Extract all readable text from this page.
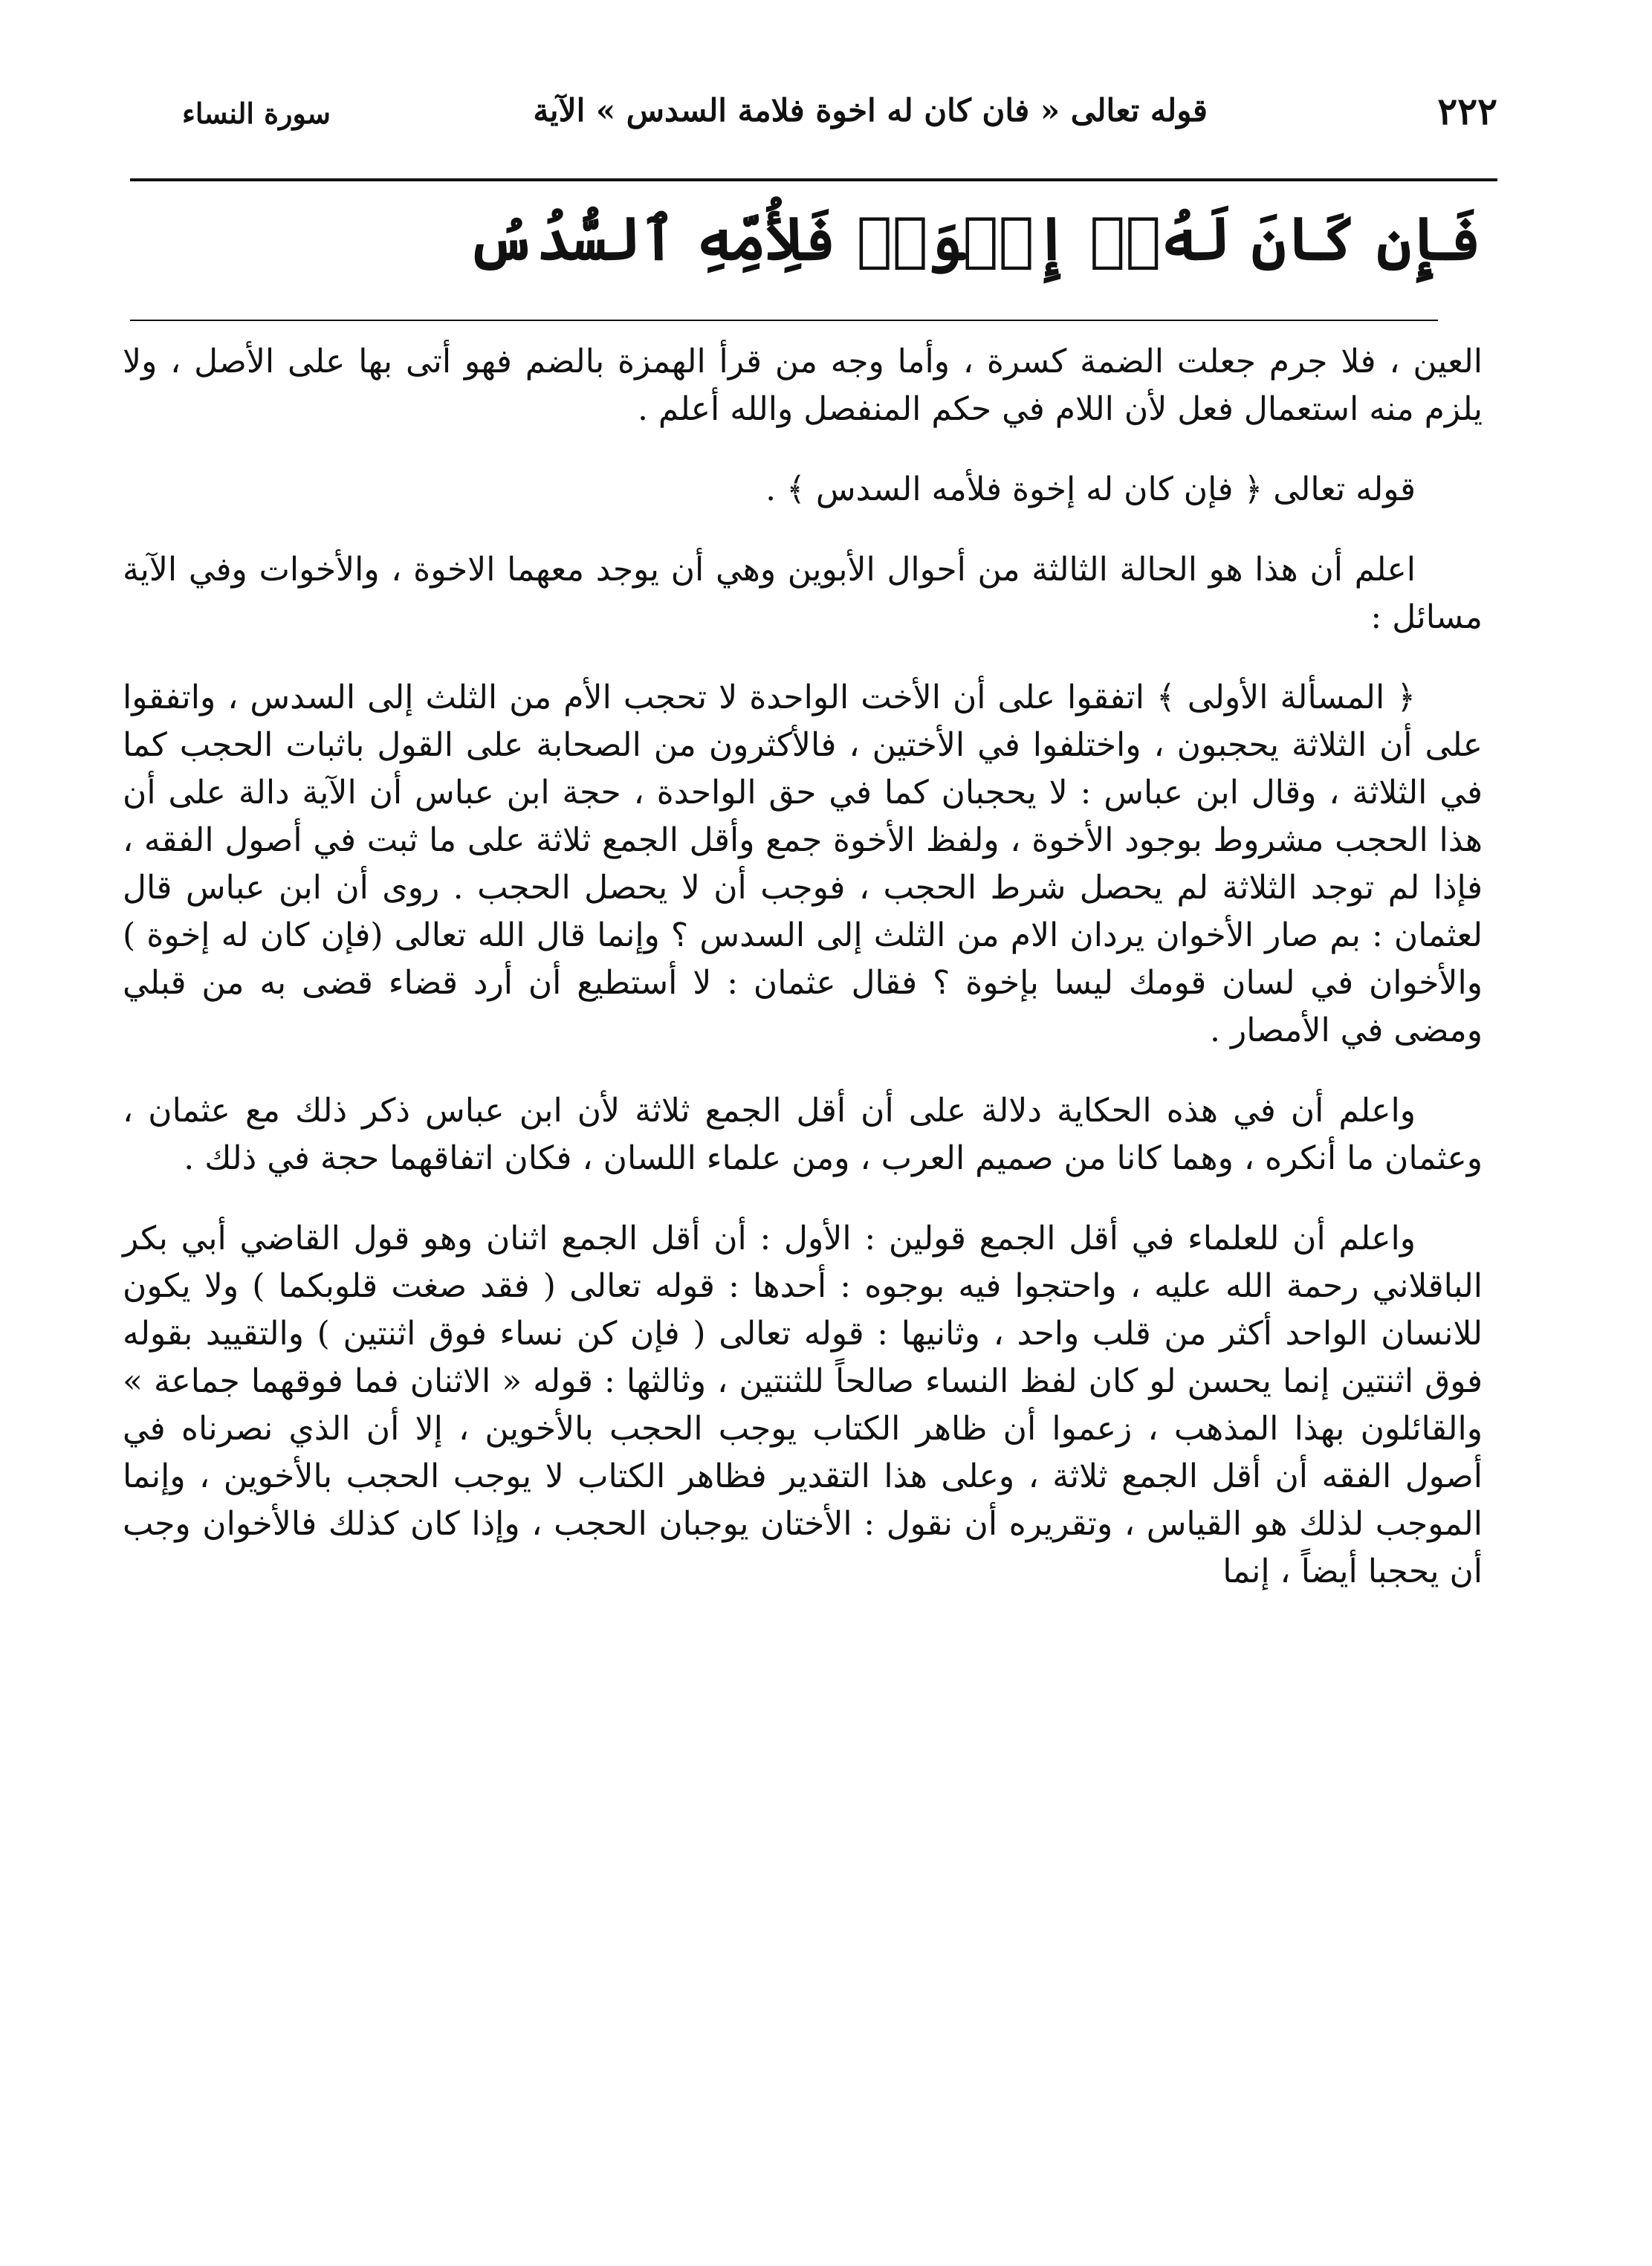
٢٢٢
قوله تعالى « فان كان له اخوة فلامة السدس » الآية
سورة النساء
فَإِن كَانَ لَهُۥٓ إِخۡوَةٞ فَلِأُمِّهِ ٱلسُّدُسُ

العين ، فلا جرم جعلت الضمة كسرة ، وأما وجه من قرأ الهمزة بالضم فهو أتى بها على الأصل ، ولا يلزم منه استعمال فعل لأن اللام في حكم المنفصل والله أعلم .

قوله تعالى ﴿ فإن كان له إخوة فلأمه السدس ﴾ .

اعلم أن هذا هو الحالة الثالثة من أحوال الأبوين وهي أن يوجد معهما الاخوة ، والأخوات وفي الآية مسائل :

﴿ المسألة الأولى ﴾ اتفقوا على أن الأخت الواحدة لا تحجب الأم من الثلث إلى السدس ، واتفقوا على أن الثلاثة يحجبون ، واختلفوا في الأختين ، فالأكثرون من الصحابة على القول باثبات الحجب كما في الثلاثة ، وقال ابن عباس : لا يحجبان كما في حق الواحدة ، حجة ابن عباس أن الآية دالة على أن هذا الحجب مشروط بوجود الأخوة ، ولفظ الأخوة جمع وأقل الجمع ثلاثة على ما ثبت في أصول الفقه ، فإذا لم توجد الثلاثة لم يحصل شرط الحجب ، فوجب أن لا يحصل الحجب . روى أن ابن عباس قال لعثمان : بم صار الأخوان يردان الام من الثلث إلى السدس ؟ وإنما قال الله تعالى (فإن كان له إخوة ) والأخوان في لسان قومك ليسا بإخوة ؟ فقال عثمان : لا أستطيع أن أرد قضاء قضى به من قبلي ومضى في الأمصار .

واعلم أن في هذه الحكاية دلالة على أن أقل الجمع ثلاثة لأن ابن عباس ذكر ذلك مع عثمان ، وعثمان ما أنكره ، وهما كانا من صميم العرب ، ومن علماء اللسان ، فكان اتفاقهما حجة في ذلك .

واعلم أن للعلماء في أقل الجمع قولين : الأول : أن أقل الجمع اثنان وهو قول القاضي أبي بكر الباقلاني رحمة الله عليه ، واحتجوا فيه بوجوه : أحدها : قوله تعالى ( فقد صغت قلوبكما ) ولا يكون للانسان الواحد أكثر من قلب واحد ، وثانيها : قوله تعالى ( فإن كن نساء فوق اثنتين ) والتقييد بقوله فوق اثنتين إنما يحسن لو كان لفظ النساء صالحاً للثنتين ، وثالثها : قوله « الاثنان فما فوقهما جماعة » والقائلون بهذا المذهب ، زعموا أن ظاهر الكتاب يوجب الحجب بالأخوين ، إلا أن الذي نصرناه في أصول الفقه أن أقل الجمع ثلاثة ، وعلى هذا التقدير فظاهر الكتاب لا يوجب الحجب بالأخوين ، وإنما الموجب لذلك هو القياس ، وتقريره أن نقول : الأختان يوجبان الحجب ، وإذا كان كذلك فالأخوان وجب أن يحجبا أيضاً ، إنما
